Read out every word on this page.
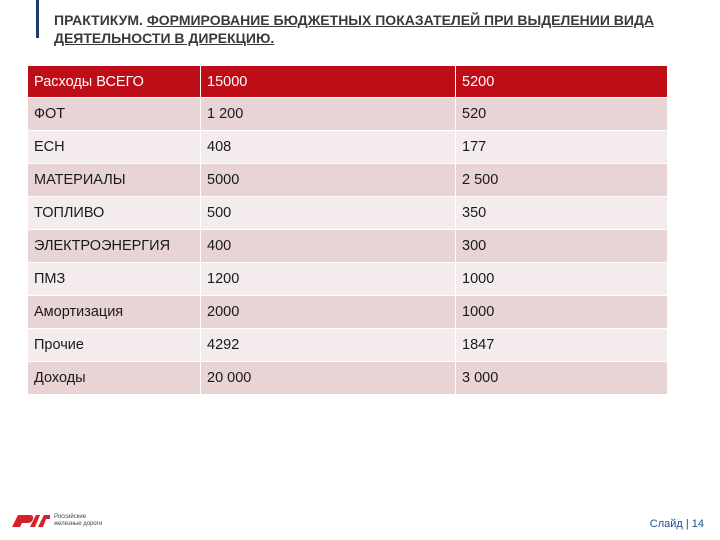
ПРАКТИКУМ. ФОРМИРОВАНИЕ БЮДЖЕТНЫХ ПОКАЗАТЕЛЕЙ ПРИ ВЫДЕЛЕНИИ ВИДА ДЕЯТЕЛЬНОСТИ В ДИРЕКЦИЮ.
Расходы ВСЕГО	15000	5200
ФОТ	1 200	520
ЕСН	408	177
МАТЕРИАЛЫ	5000	2 500
ТОПЛИВО	500	350
ЭЛЕКТРОЭНЕРГИЯ	400	300
ПМЗ	1200	1000
Амортизация	2000	1000
Прочие	4292	1847
Доходы	20 000	3 000
Российские
железные дороги	Слайд | 14
